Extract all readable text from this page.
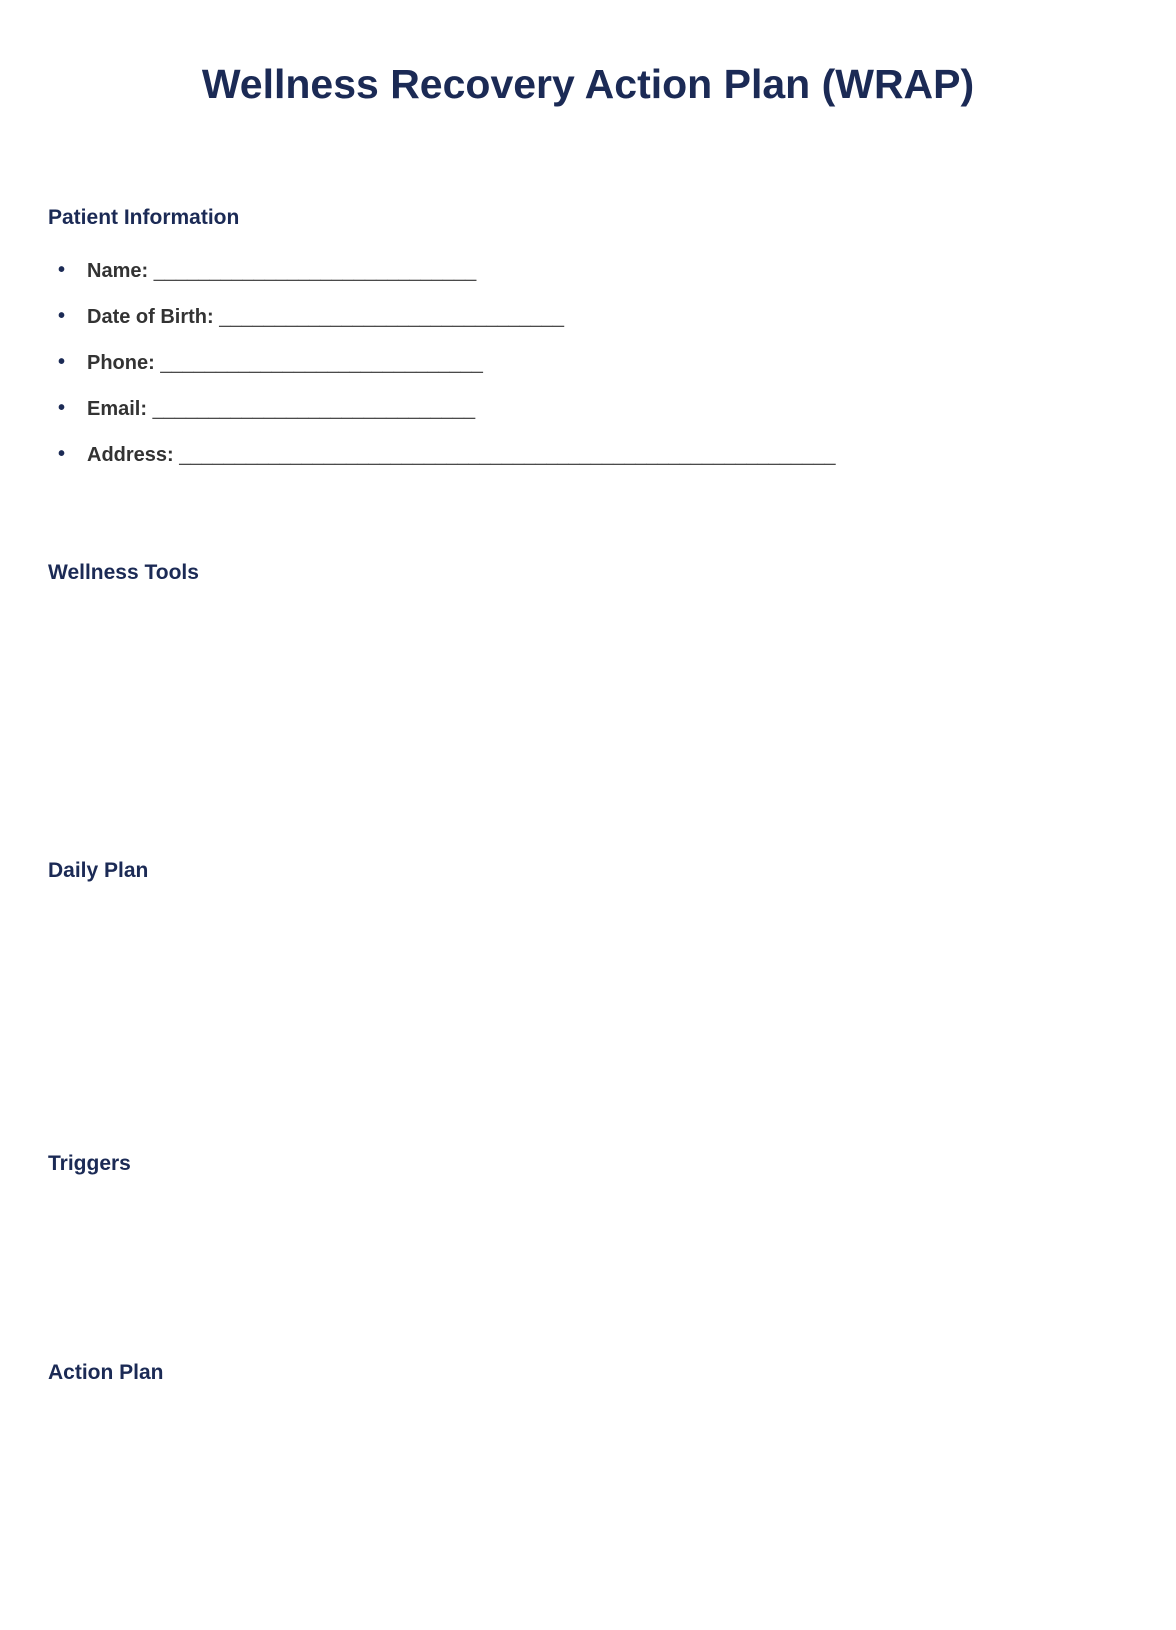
Wellness Recovery Action Plan (WRAP)
Patient Information
• Name: _____________________________
• Date of Birth: _______________________________
• Phone: _____________________________
• Email: _____________________________
• Address: ___________________________________________________________
Wellness Tools
Daily Plan
Triggers
Action Plan
